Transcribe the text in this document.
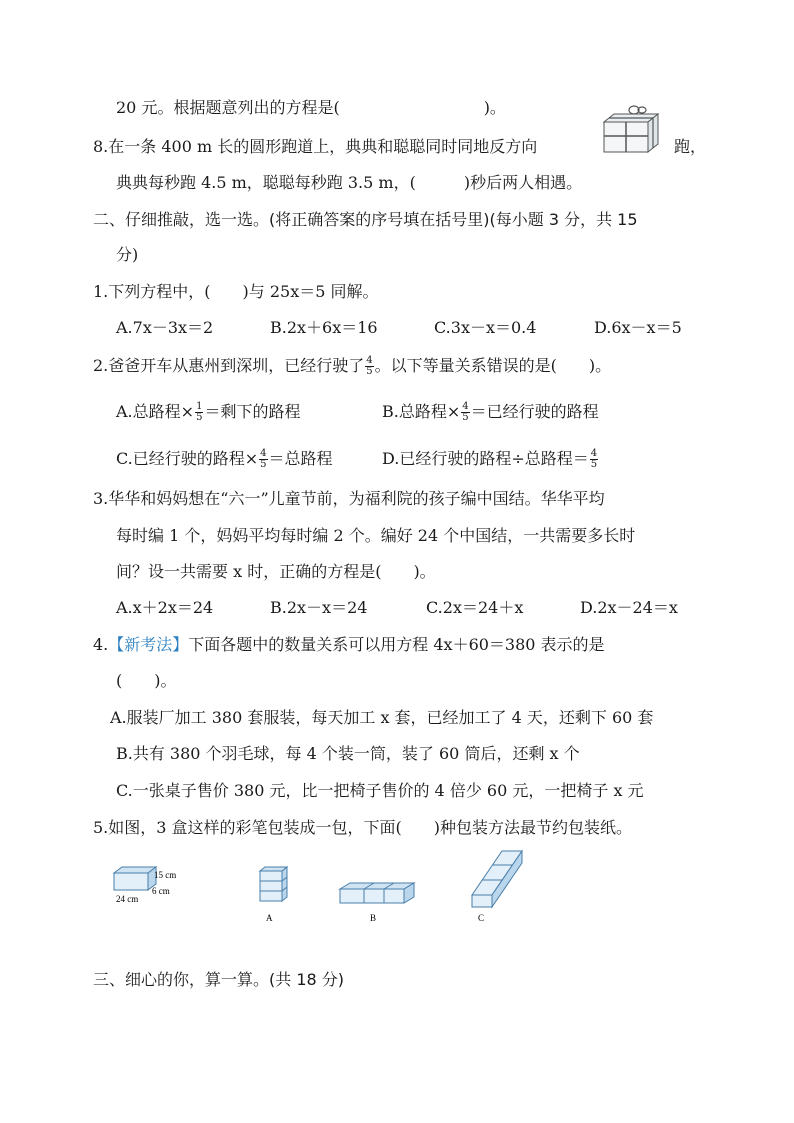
20 元。根据题意列出的方程是(　　　　　　　　　)。
8.在一条 400 m 长的圆形跑道上，典典和聪聪同时同地反方向	跑，
典典每秒跑 4.5 m，聪聪每秒跑 3.5 m，(　　　)秒后两人相遇。
二、仔细推敲，选一选。(将正确答案的序号填在括号里)(每小题 3 分，共 15
分)
1.下列方程中，(　　)与 25x＝5 同解。
A.7x－3x＝2	B.2x＋6x＝16	C.3x－x＝0.4	D.6x－x＝5
2.爸爸开车从惠州到深圳，已经行驶了 $\frac{4}{5}$ 。以下等量关系错误的是(　　)。
A.总路程× $\frac{1}{5}$ ＝剩下的路程	B.总路程× $\frac{4}{5}$ ＝已经行驶的路程
C.已经行驶的路程× $\frac{4}{5}$ ＝总路程	D.已经行驶的路程÷总路程＝ $\frac{4}{5}$
3.华华和妈妈想在“六一”儿童节前，为福利院的孩子编中国结。华华平均
每时编 1 个，妈妈平均每时编 2 个。编好 24 个中国结，一共需要多长时
间？设一共需要 x 时，正确的方程是(　　)。
A.x＋2x＝24	B.2x－x＝24	C.2x＝24＋x	D.2x－24＝x
4.【新考法】下面各题中的数量关系可以用方程 4x＋60＝380 表示的是
(　　)。
A.服装厂加工 380 套服装，每天加工 x 套，已经加工了 4 天，还剩下 60 套
B.共有 380 个羽毛球，每 4 个装一筒，装了 60 筒后，还剩 x 个
C.一张桌子售价 380 元，比一把椅子售价的 4 倍少 60 元，一把椅子 x 元
5.如图，3 盒这样的彩笔包装成一包，下面(　　)种包装方法最节约包装纸。
15 cm
6 cm
24 cm
A	B	C
三、细心的你，算一算。(共 18 分)
